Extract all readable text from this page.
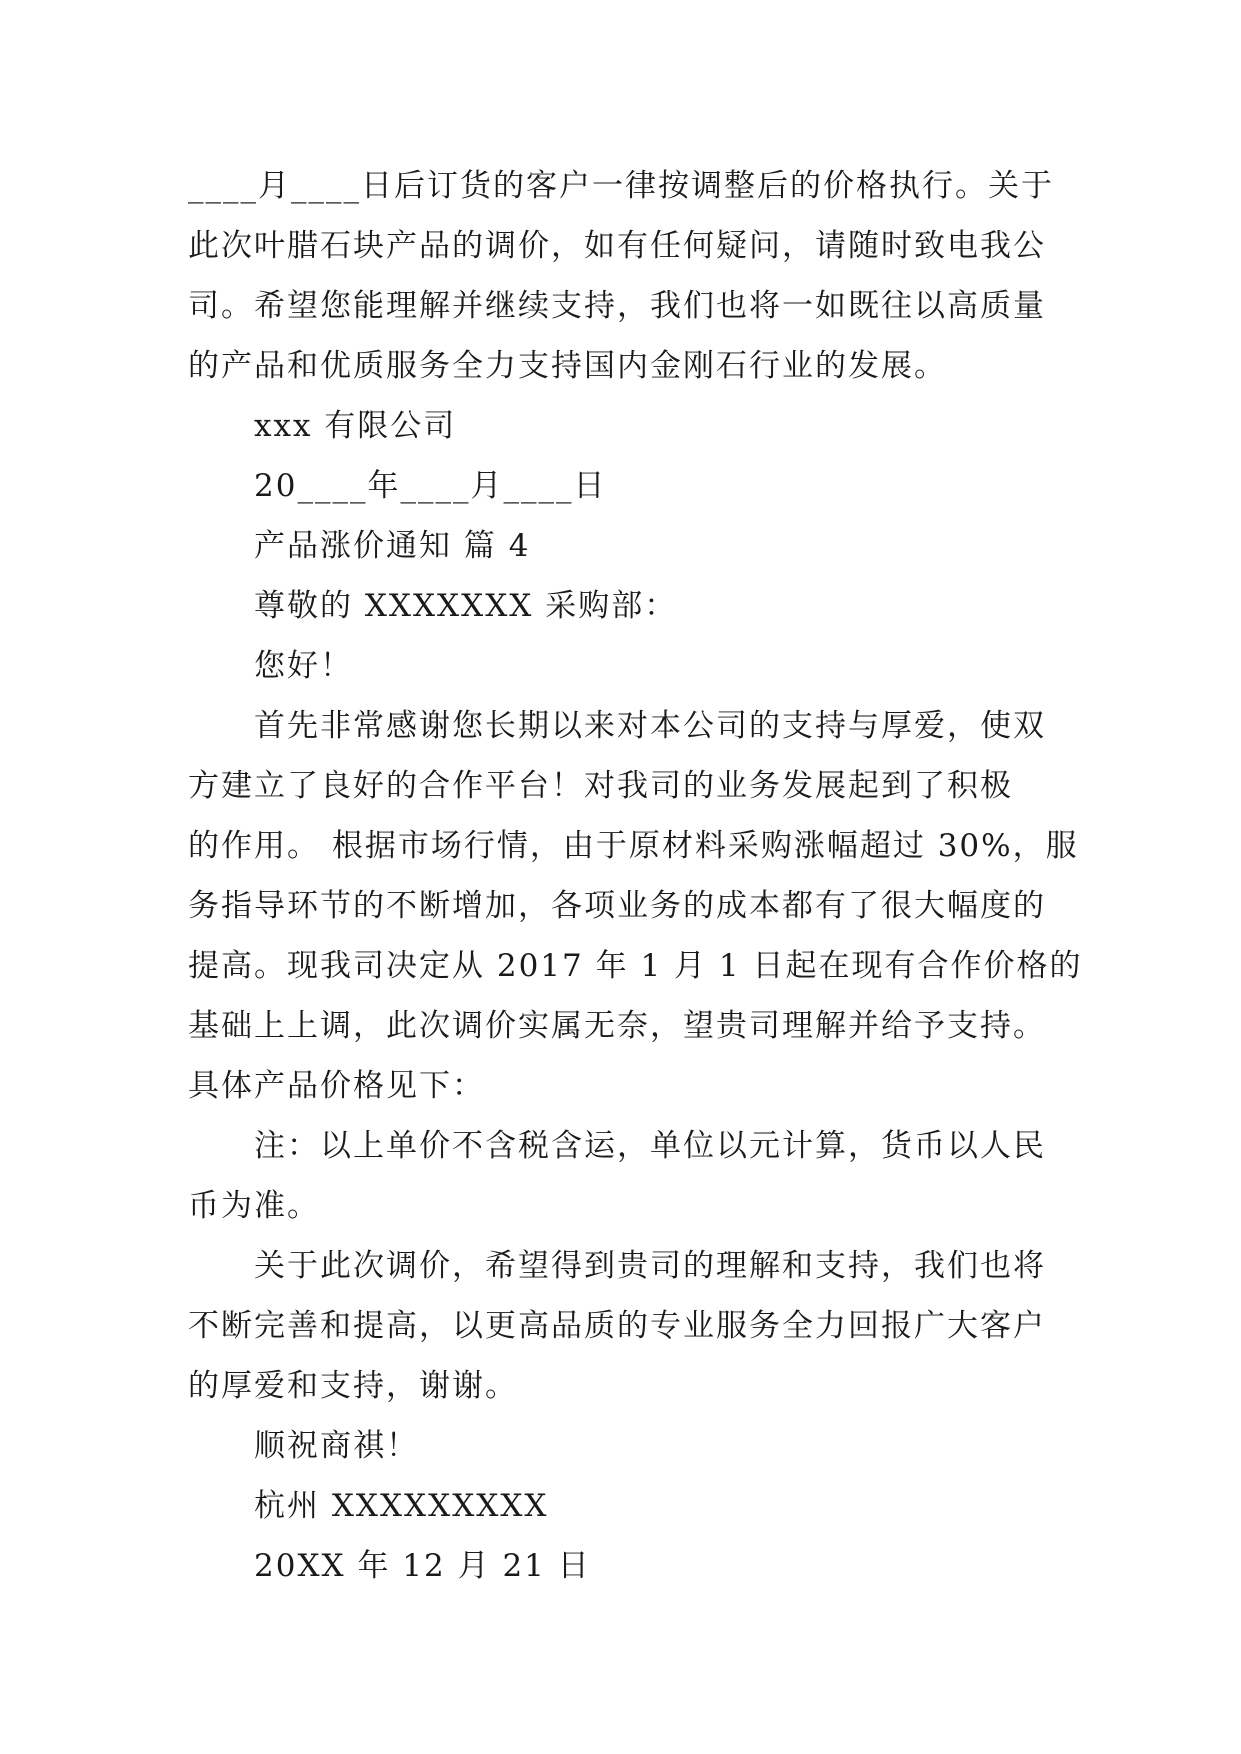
____月____日后订货的客户一律按调整后的价格执行。关于
此次叶腊石块产品的调价，如有任何疑问，请随时致电我公
司。希望您能理解并继续支持，我们也将一如既往以高质量
的产品和优质服务全力支持国内金刚石行业的发展。
xxx 有限公司
20____年____月____日
产品涨价通知 篇 4
尊敬的 XXXXXXX 采购部：
您好！
首先非常感谢您长期以来对本公司的支持与厚爱，使双
方建立了良好的合作平台！对我司的业务发展起到了积极
的作用。 根据市场行情，由于原材料采购涨幅超过 30%，服
务指导环节的不断增加，各项业务的成本都有了很大幅度的
提高。现我司决定从 2017 年 1 月 1 日起在现有合作价格的
基础上上调，此次调价实属无奈，望贵司理解并给予支持。
具体产品价格见下：
注：以上单价不含税含运，单位以元计算，货币以人民
币为准。
关于此次调价，希望得到贵司的理解和支持，我们也将
不断完善和提高，以更高品质的专业服务全力回报广大客户
的厚爱和支持，谢谢。
顺祝商祺！
杭州 XXXXXXXXX
20XX 年 12 月 21 日
